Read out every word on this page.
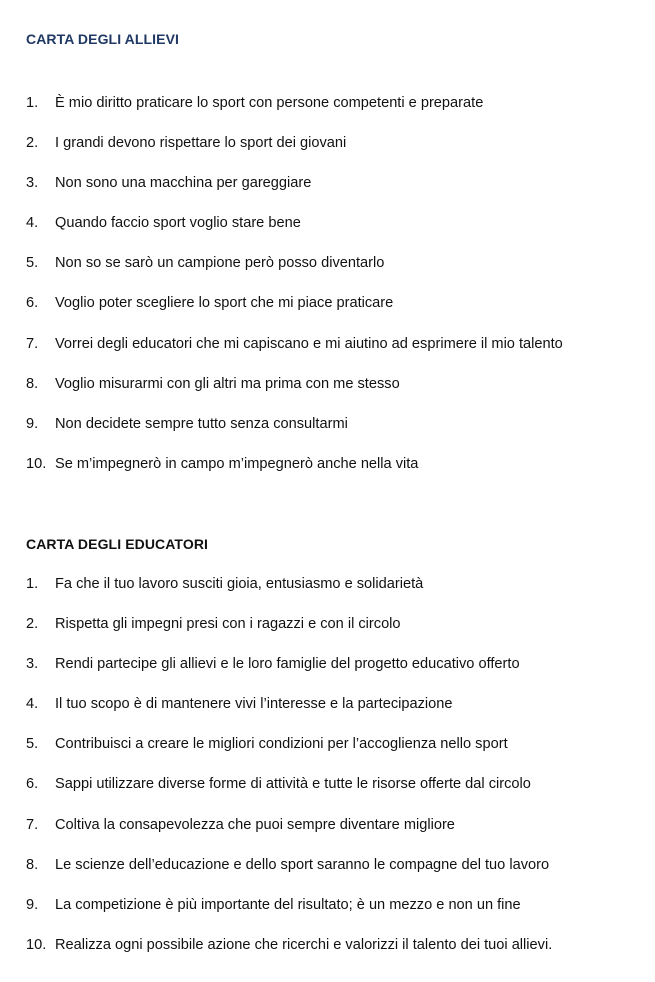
CARTA DEGLI ALLIEVI
1. È mio diritto praticare lo sport con persone competenti e preparate
2. I grandi devono rispettare lo sport dei giovani
3. Non sono una macchina per gareggiare
4. Quando faccio sport voglio stare bene
5. Non so se sarò un campione però posso diventarlo
6. Voglio poter scegliere lo sport che mi piace praticare
7. Vorrei degli educatori che mi capiscano e mi aiutino ad esprimere il mio talento
8. Voglio misurarmi con gli altri ma prima con me stesso
9. Non decidete sempre tutto senza consultarmi
10. Se m’impegnerò in campo m’impegnerò anche nella vita
CARTA DEGLI EDUCATORI
1. Fa che il tuo lavoro susciti gioia, entusiasmo e solidarietà
2. Rispetta gli impegni presi con i ragazzi e con il circolo
3. Rendi partecipe gli allievi e le loro famiglie del progetto educativo offerto
4. Il tuo scopo è di mantenere vivi l’interesse e la partecipazione
5. Contribuisci a creare le migliori condizioni per l’accoglienza nello sport
6. Sappi utilizzare diverse forme di attività e tutte le risorse offerte dal circolo
7. Coltiva la consapevolezza che puoi sempre diventare migliore
8. Le scienze dell’educazione e dello sport saranno le compagne del tuo lavoro
9. La competizione è più importante del risultato; è un mezzo e non un fine
10. Realizza ogni possibile azione che ricerchi e valorizzi il talento dei tuoi allievi.
